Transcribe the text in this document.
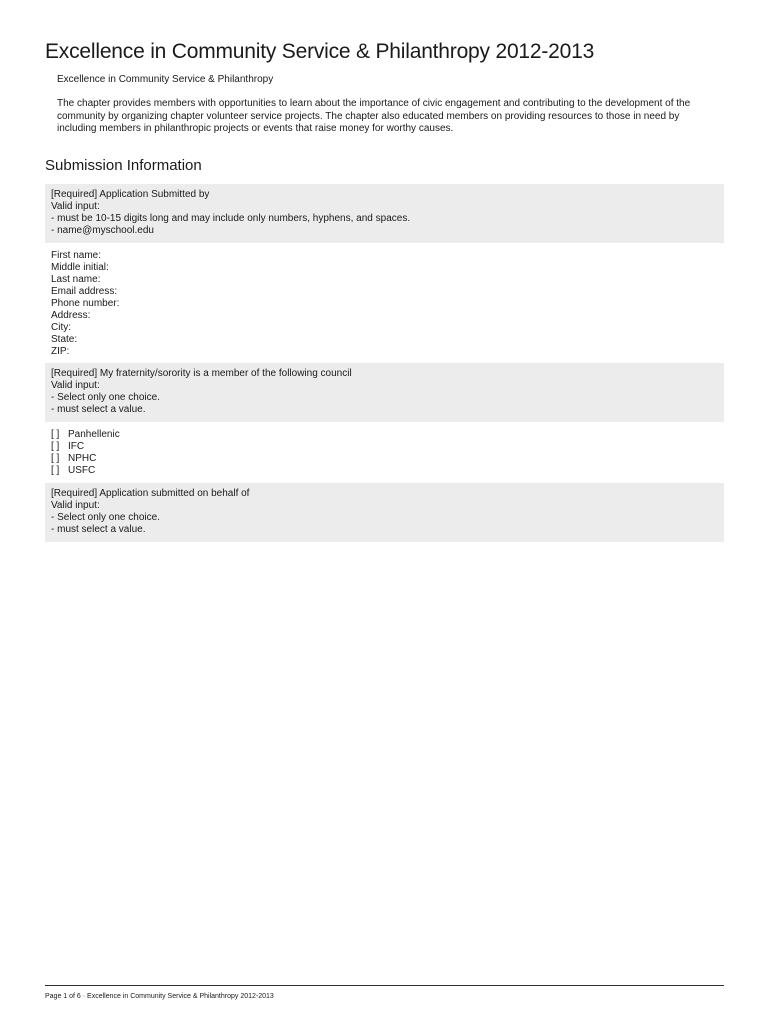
Excellence in Community Service & Philanthropy 2012-2013

Excellence in Community Service & Philanthropy

The chapter provides members with opportunities to learn about the importance of civic engagement and contributing to the development of the community by organizing chapter volunteer service projects. The chapter also educated members on providing resources to those in need by including members in philanthropic projects or events that raise money for worthy causes.

Submission Information
[Required] Application Submitted by
Valid input:
- must be 10-15 digits long and may include only numbers, hyphens, and spaces.
- name@myschool.edu
First name:
Middle initial:
Last name:
Email address:
Phone number:
Address:
City:
State:
ZIP:
[Required] My fraternity/sorority is a member of the following council
Valid input:
- Select only one choice.
- must select a value.
[ ] Panhellenic
[ ] IFC
[ ] NPHC
[ ] USFC
[Required] Application submitted on behalf of
Valid input:
- Select only one choice.
- must select a value.
Page 1 of 6 · Excellence in Community Service & Philanthropy 2012-2013
